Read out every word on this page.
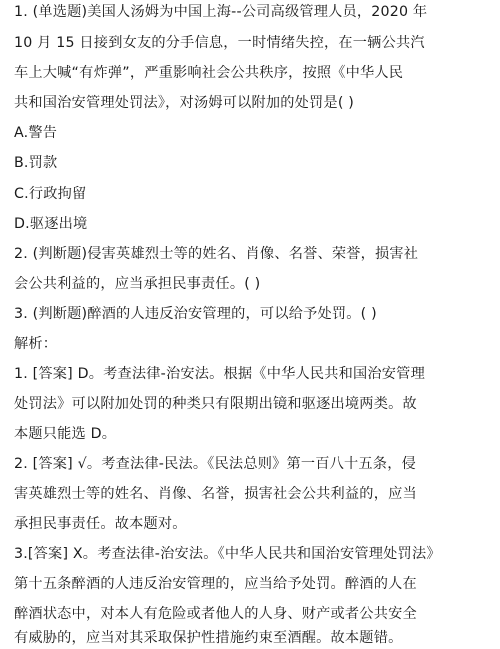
1. (单选题)美国人汤姆为中国上海--公司高级管理人员，2020 年
10 月 15 日接到女友的分手信息，一时情绪失控，在一辆公共汽
车上大喊“有炸弹”，严重影响社会公共秩序，按照《中华人民
共和国治安管理处罚法》，对汤姆可以附加的处罚是( )
A.警告
B.罚款
C.行政拘留
D.驱逐出境
2. (判断题)侵害英雄烈士等的姓名、肖像、名誉、荣誉，损害社
会公共利益的，应当承担民事责任。( )
3. (判断题)醉酒的人违反治安管理的，可以给予处罚。( )
解析：
1. [答案] D。考查法律-治安法。根据《中华人民共和国治安管理
处罚法》可以附加处罚的种类只有限期出镜和驱逐出境两类。故
本题只能选 D。
2. [答案] √。考查法律-民法。《民法总则》第一百八十五条，侵
害英雄烈士等的姓名、肖像、名誉，损害社会公共利益的，应当
承担民事责任。故本题对。
3.[答案] X。考查法律-治安法。《中华人民共和国治安管理处罚法》
第十五条醉酒的人违反治安管理的，应当给予处罚。醉酒的人在
醉酒状态中，对本人有危险或者他人的人身、财产或者公共安全
有威胁的，应当对其采取保护性措施约束至酒醒。故本题错。
